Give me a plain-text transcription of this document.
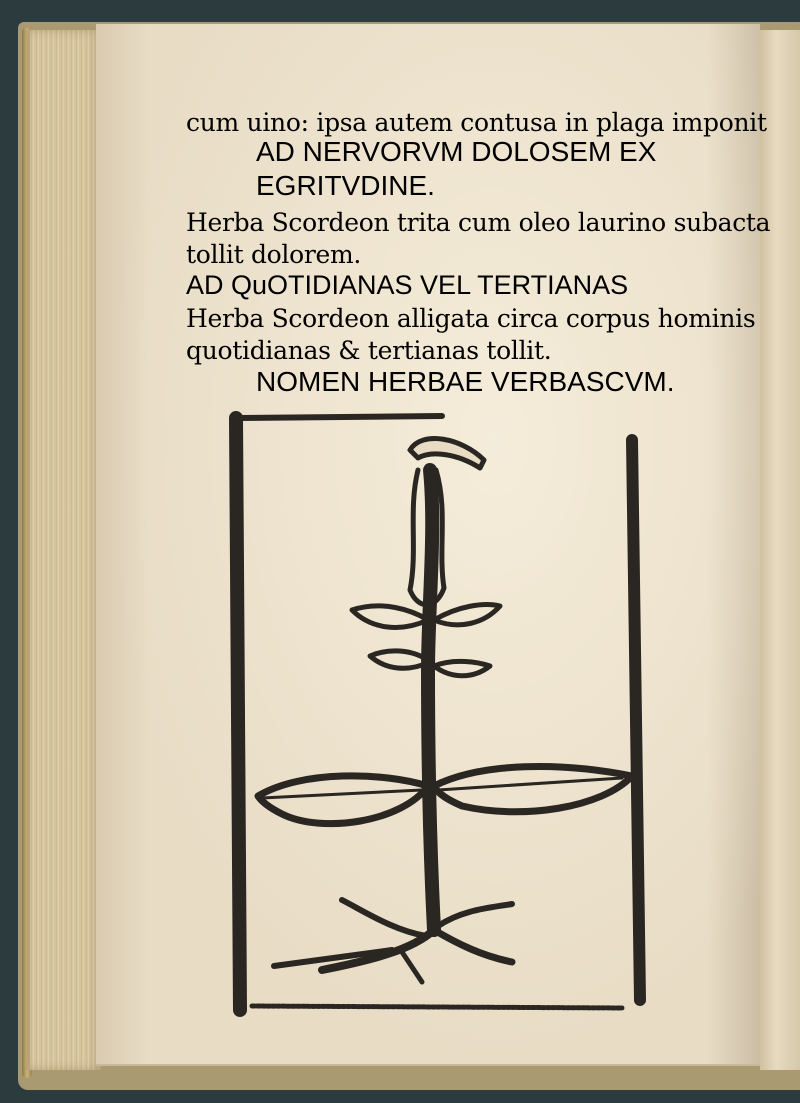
cum uino: ipsa autem contusa in plaga imponit
AD NERVORVM DOLOSEM EX
EGRITVDINE.
Herba Scordeon trita cum oleo laurino subacta
tollit dolorem.
AD QuOTIDIANAS VEL TERTIANAS
Herba Scordeon alligata circa corpus hominis
quotidianas & tertianas tollit.
NOMEN HERBAE VERBASCVM.
